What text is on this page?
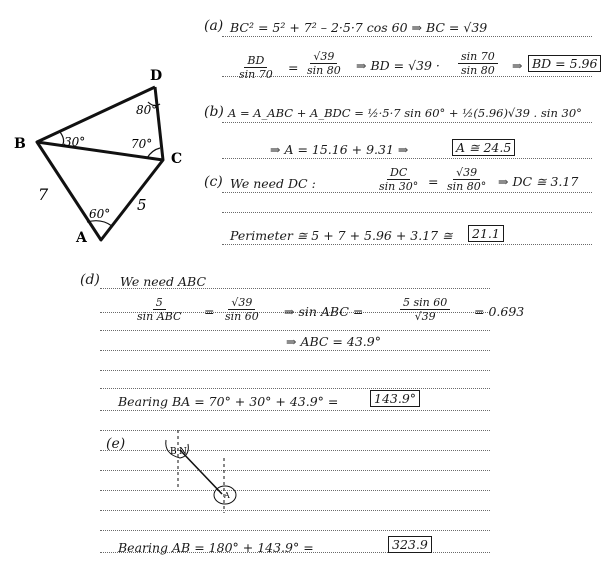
D
B
C
A
30°
80°
70°
60°
7
5
(a) BC² = 5² + 7² – 2·5·7 cos 60 ⇒ BC = √39
$\frac{BD}{\sin 70} = \frac{√39}{\sin 80}$ ⇒ BD = $√39 \cdot \frac{\sin 70}{\sin 80}$ ⇒ BD = 5.96
(b) A = A_ABC + A_BDC = ½·5·7 sin 60° + ½(5.96)√39 . sin 30°
⇒ A = 15.16 + 9.31 ⇒	A ≅ 24.5
(c) We need DC :	$\frac{DC}{\sin 30^\circ} = \frac{√39}{\sin 80^\circ}$ ⇒ DC ≅ 3.17
Perimeter ≅ 5 + 7 + 5.96 + 3.17 ≅	21.1
(d) We need ABC
5
sin ABC = $\frac{√39}{\sin 60}$ ⇒ sin ABC =	$\frac{5 \sin 60}{√39} = 0.693$
⇒ ABC = 43.9°
Bearing BA = 70° + 30° + 43.9° =	143.9°
(e)	B N
A
Bearing AB = 180° + 143.9° =	323.9
